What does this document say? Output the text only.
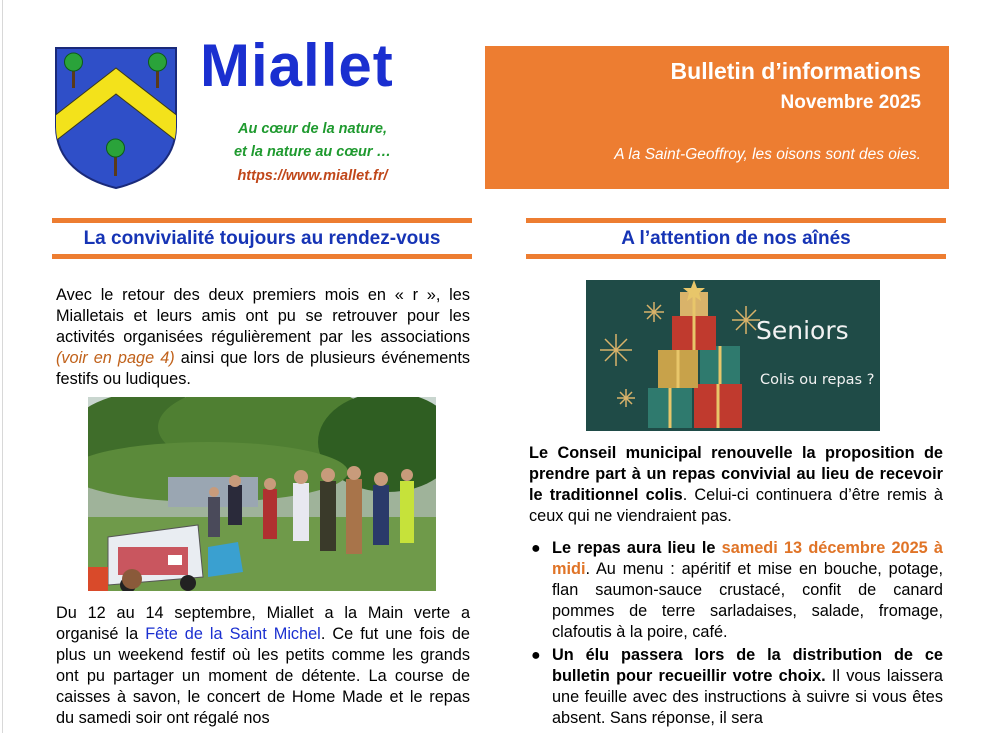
Miallet
Au cœur de la nature,
et la nature au cœur …
https://www.miallet.fr/
Bulletin d’informations
Novembre 2025
A la Saint-Geoffroy, les oisons sont des oies.
La convivialité toujours au rendez-vous
Avec le retour des deux premiers mois en « r », les Mialletais et leurs amis ont pu se retrouver pour les activités organisées régulièrement par les associations (voir en page 4) ainsi que lors de plusieurs événements festifs ou ludiques.
Du 12 au 14 septembre, Miallet a la Main verte a organisé la Fête de la Saint Michel. Ce fut une fois de plus un weekend festif où les petits comme les grands ont pu partager un moment de détente. La course de caisses à savon, le concert de Home Made et le repas du samedi soir ont régalé nos
A l’attention de nos aînés
Seniors
Colis ou repas ?
Le Conseil municipal renouvelle la proposition de prendre part à un repas convivial au lieu de recevoir le traditionnel colis. Celui-ci continuera d’être remis à ceux qui ne viendraient pas.
● Le repas aura lieu le samedi 13 décembre 2025 à midi. Au menu : apéritif et mise en bouche, potage, flan saumon-sauce crustacé, confit de canard pommes de terre sarladaises, salade, fromage, clafoutis à la poire, café.
● Un élu passera lors de la distribution de ce bulletin pour recueillir votre choix. Il vous laissera une feuille avec des instructions à suivre si vous êtes absent. Sans réponse, il sera
